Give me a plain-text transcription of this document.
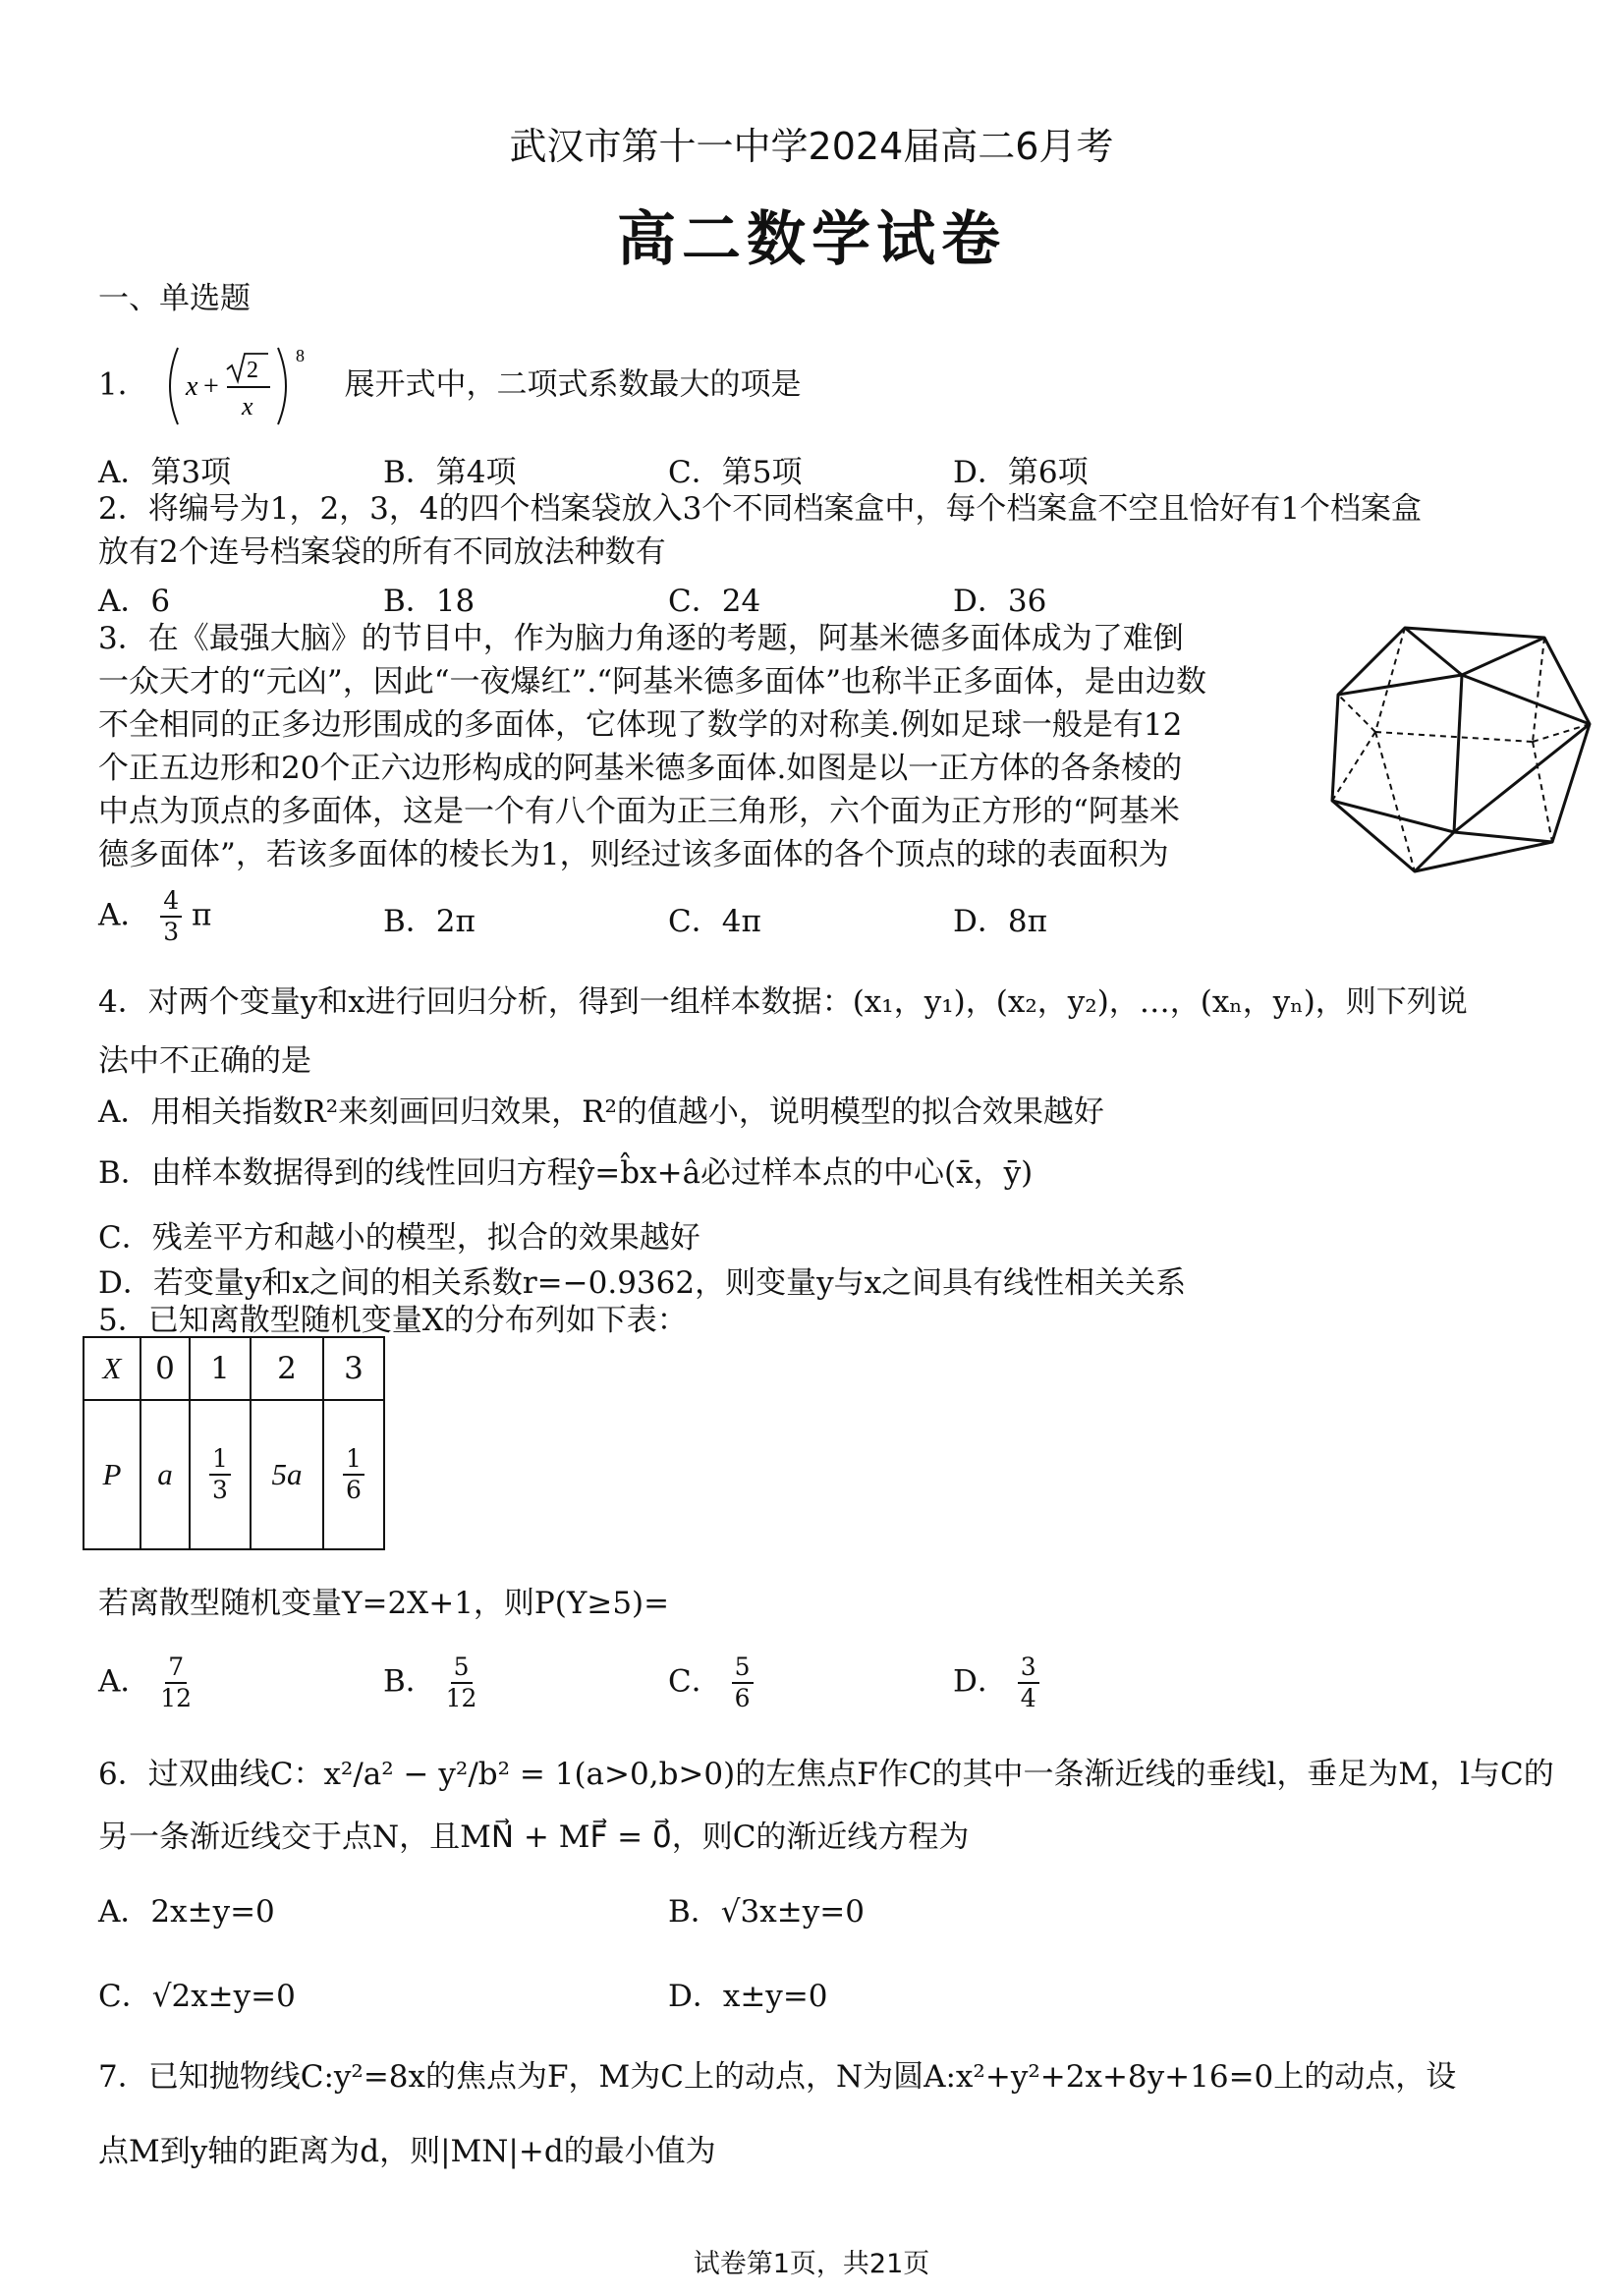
武汉市第十一中学2024届高二6月考
高二数学试卷
一、单选题
1． x +
2
x
8
展开式中，二项式系数最大的项是
A．第3项	B．第4项	C．第5项	D．第6项
2．将编号为1，2，3，4的四个档案袋放入3个不同档案盒中，每个档案盒不空且恰好有1个档案盒
放有2个连号档案袋的所有不同放法种数有
A．6	B．18	C．24	D．36
3．在《最强大脑》的节目中，作为脑力角逐的考题，阿基米德多面体成为了难倒
一众天才的“元凶”，因此“一夜爆红”.“阿基米德多面体”也称半正多面体，是由边数
不全相同的正多边形围成的多面体，它体现了数学的对称美.例如足球一般是有12
个正五边形和20个正六边形构成的阿基米德多面体.如图是以一正方体的各条棱的
中点为顶点的多面体，这是一个有八个面为正三角形，六个面为正方形的“阿基米
德多面体”，若该多面体的棱长为1，则经过该多面体的各个顶点的球的表面积为
A． $\frac{4}{3}$ π	B．2π	C．4π	D．8π
4．对两个变量y和x进行回归分析，得到一组样本数据：(x₁，y₁)，(x₂，y₂)，…，(xₙ，yₙ)，则下列说
法中不正确的是
A．用相关指数R²来刻画回归效果，R²的值越小，说明模型的拟合效果越好
B．由样本数据得到的线性回归方程ŷ=b̂x+â必过样本点的中心(x̄，ȳ)
C．残差平方和越小的模型，拟合的效果越好
D．若变量y和x之间的相关系数r=−0.9362，则变量y与x之间具有线性相关关系
5．已知离散型随机变量X的分布列如下表：
X	0	1	2	3
P	a	$\frac{1}{3}$	5a	$\frac{1}{6}$
若离散型随机变量Y=2X+1，则P(Y≥5)=
A． $\frac{7}{12}$	B． $\frac{5}{12}$	C． $\frac{5}{6}$	D． $\frac{3}{4}$
6．过双曲线C：x²/a² − y²/b² = 1(a>0,b>0)的左焦点F作C的其中一条渐近线的垂线l，垂足为M，l与C的
另一条渐近线交于点N，且MN⃗ + MF⃗ = 0⃗，则C的渐近线方程为
A．2x±y=0	B．√3x±y=0
C．√2x±y=0	D．x±y=0
7．已知抛物线C:y²=8x的焦点为F，M为C上的动点，N为圆A:x²+y²+2x+8y+16=0上的动点，设
点M到y轴的距离为d，则|MN|+d的最小值为
试卷第1页，共21页
